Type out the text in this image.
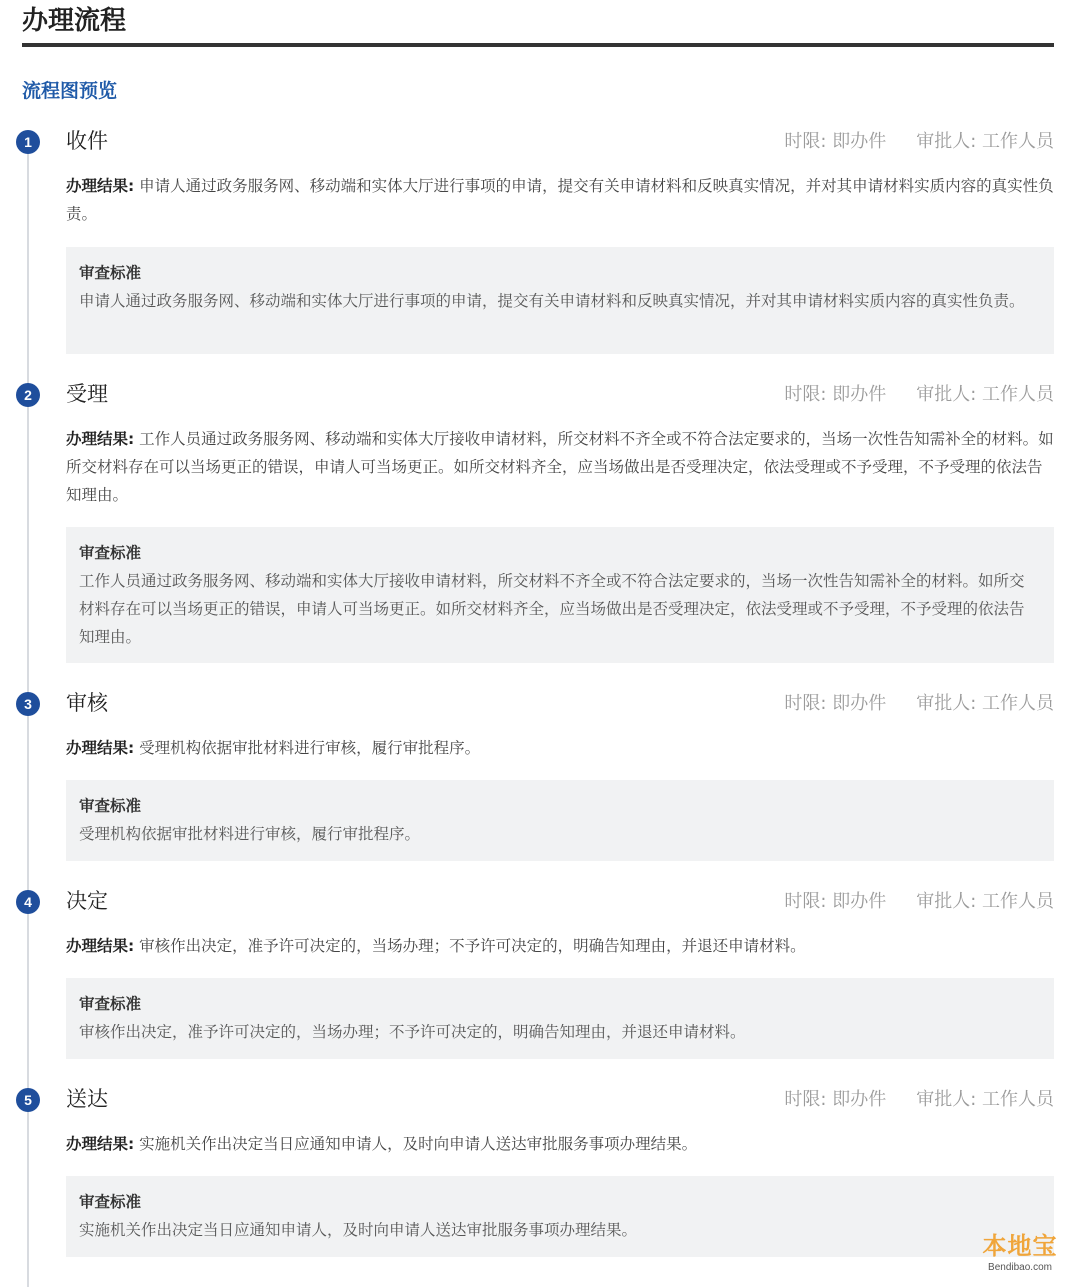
办理流程
流程图预览
1	收件	时限: 即办件 审批人: 工作人员
办理结果: 申请人通过政务服务网、移动端和实体大厅进行事项的申请，提交有关申请材料和反映真实情况，并对其申请材料实质内容的真实性负责。
审查标准
申请人通过政务服务网、移动端和实体大厅进行事项的申请，提交有关申请材料和反映真实情况，并对其申请材料实质内容的真实性负责。
2	受理	时限: 即办件 审批人: 工作人员
办理结果: 工作人员通过政务服务网、移动端和实体大厅接收申请材料，所交材料不齐全或不符合法定要求的，当场一次性告知需补全的材料。如所交材料存在可以当场更正的错误，申请人可当场更正。如所交材料齐全，应当场做出是否受理决定，依法受理或不予受理，不予受理的依法告知理由。
审查标准
工作人员通过政务服务网、移动端和实体大厅接收申请材料，所交材料不齐全或不符合法定要求的，当场一次性告知需补全的材料。如所交材料存在可以当场更正的错误，申请人可当场更正。如所交材料齐全，应当场做出是否受理决定，依法受理或不予受理，不予受理的依法告知理由。
3	审核	时限: 即办件 审批人: 工作人员
办理结果: 受理机构依据审批材料进行审核，履行审批程序。
审查标准
受理机构依据审批材料进行审核，履行审批程序。
4	决定	时限: 即办件 审批人: 工作人员
办理结果: 审核作出决定，准予许可决定的，当场办理；不予许可决定的，明确告知理由，并退还申请材料。
审查标准
审核作出决定，准予许可决定的，当场办理；不予许可决定的，明确告知理由，并退还申请材料。
5	送达	时限: 即办件 审批人: 工作人员
办理结果: 实施机关作出决定当日应通知申请人，及时向申请人送达审批服务事项办理结果。
审查标准
实施机关作出决定当日应通知申请人，及时向申请人送达审批服务事项办理结果。
本地宝
Bendibao.com
